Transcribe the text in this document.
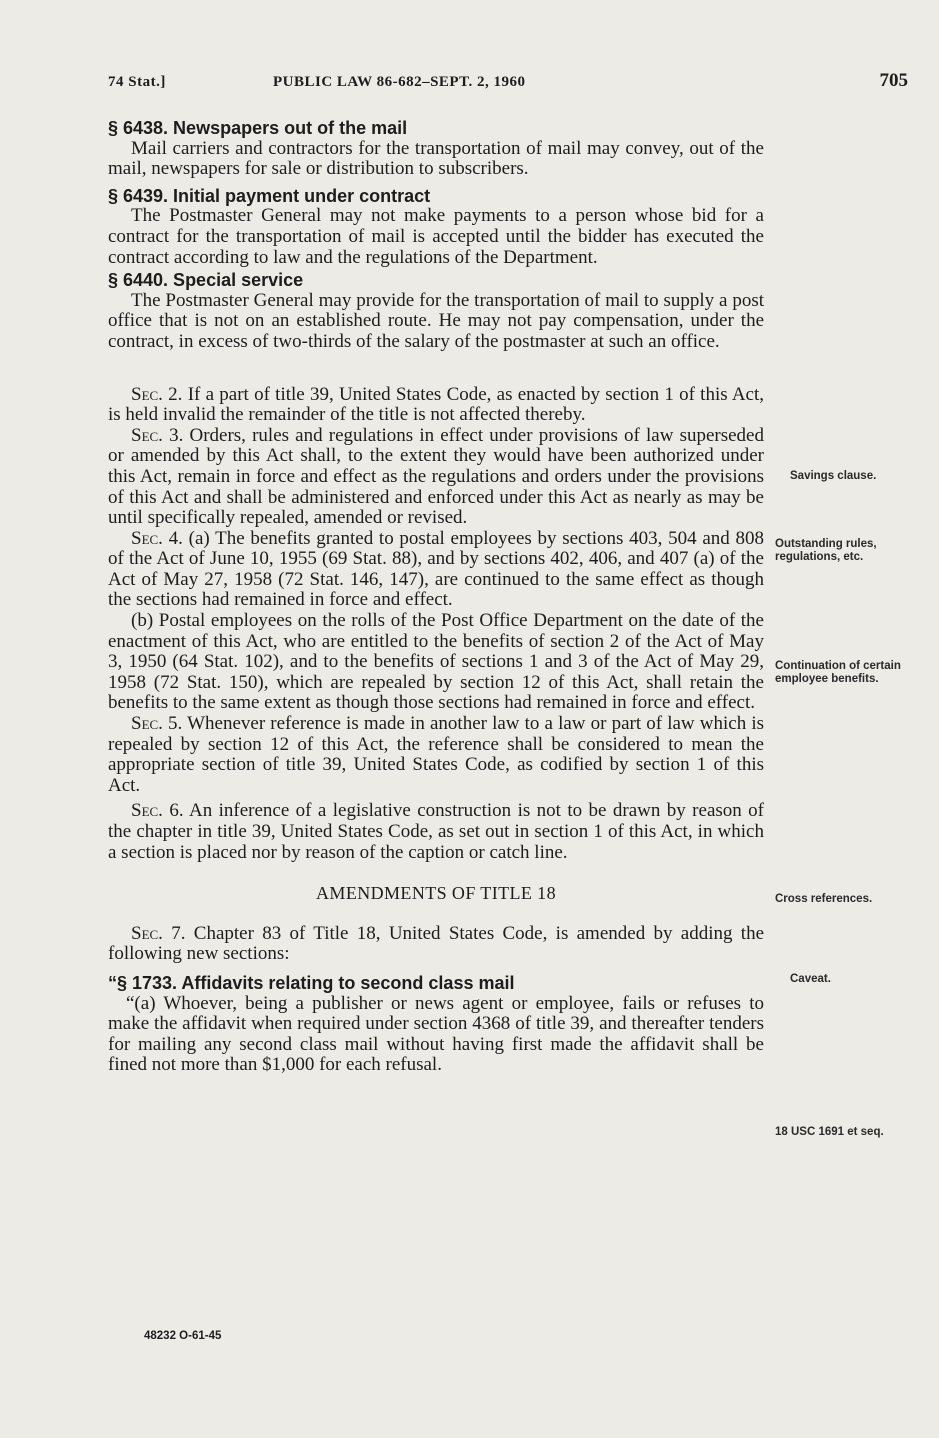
74 Stat.]	PUBLIC LAW 86-682–SEPT. 2, 1960	705

§ 6438. Newspapers out of the mail

Mail carriers and contractors for the transportation of mail may convey, out of the mail, newspapers for sale or distribution to subscribers.

§ 6439. Initial payment under contract

The Postmaster General may not make payments to a person whose bid for a contract for the transportation of mail is accepted until the bidder has executed the contract according to law and the regulations of the Department.

§ 6440. Special service

The Postmaster General may provide for the transportation of mail to supply a post office that is not on an established route. He may not pay compensation, under the contract, in excess of two-thirds of the salary of the postmaster at such an office.

Sec. 2. If a part of title 39, United States Code, as enacted by section 1 of this Act, is held invalid the remainder of the title is not affected thereby.

Sec. 3. Orders, rules and regulations in effect under provisions of law superseded or amended by this Act shall, to the extent they would have been authorized under this Act, remain in force and effect as the regulations and orders under the provisions of this Act and shall be administered and enforced under this Act as nearly as may be until specifically repealed, amended or revised.

Sec. 4. (a) The benefits granted to postal employees by sections 403, 504 and 808 of the Act of June 10, 1955 (69 Stat. 88), and by sections 402, 406, and 407 (a) of the Act of May 27, 1958 (72 Stat. 146, 147), are continued to the same effect as though the sections had remained in force and effect.

(b) Postal employees on the rolls of the Post Office Department on the date of the enactment of this Act, who are entitled to the benefits of section 2 of the Act of May 3, 1950 (64 Stat. 102), and to the benefits of sections 1 and 3 of the Act of May 29, 1958 (72 Stat. 150), which are repealed by section 12 of this Act, shall retain the benefits to the same extent as though those sections had remained in force and effect.

Sec. 5. Whenever reference is made in another law to a law or part of law which is repealed by section 12 of this Act, the reference shall be considered to mean the appropriate section of title 39, United States Code, as codified by section 1 of this Act.

Sec. 6. An inference of a legislative construction is not to be drawn by reason of the chapter in title 39, United States Code, as set out in section 1 of this Act, in which a section is placed nor by reason of the caption or catch line.

AMENDMENTS OF TITLE 18

Sec. 7. Chapter 83 of Title 18, United States Code, is amended by adding the following new sections:

“§ 1733. Affidavits relating to second class mail

“(a) Whoever, being a publisher or news agent or employee, fails or refuses to make the affidavit when required under section 4368 of title 39, and thereafter tenders for mailing any second class mail without having first made the affidavit shall be fined not more than $1,000 for each refusal.

Savings clause.
Outstanding rules, regulations, etc.
Continuation of certain employee benefits.
Cross references.
Caveat.
18 USC 1691 et seq.
48232 O-61-45
